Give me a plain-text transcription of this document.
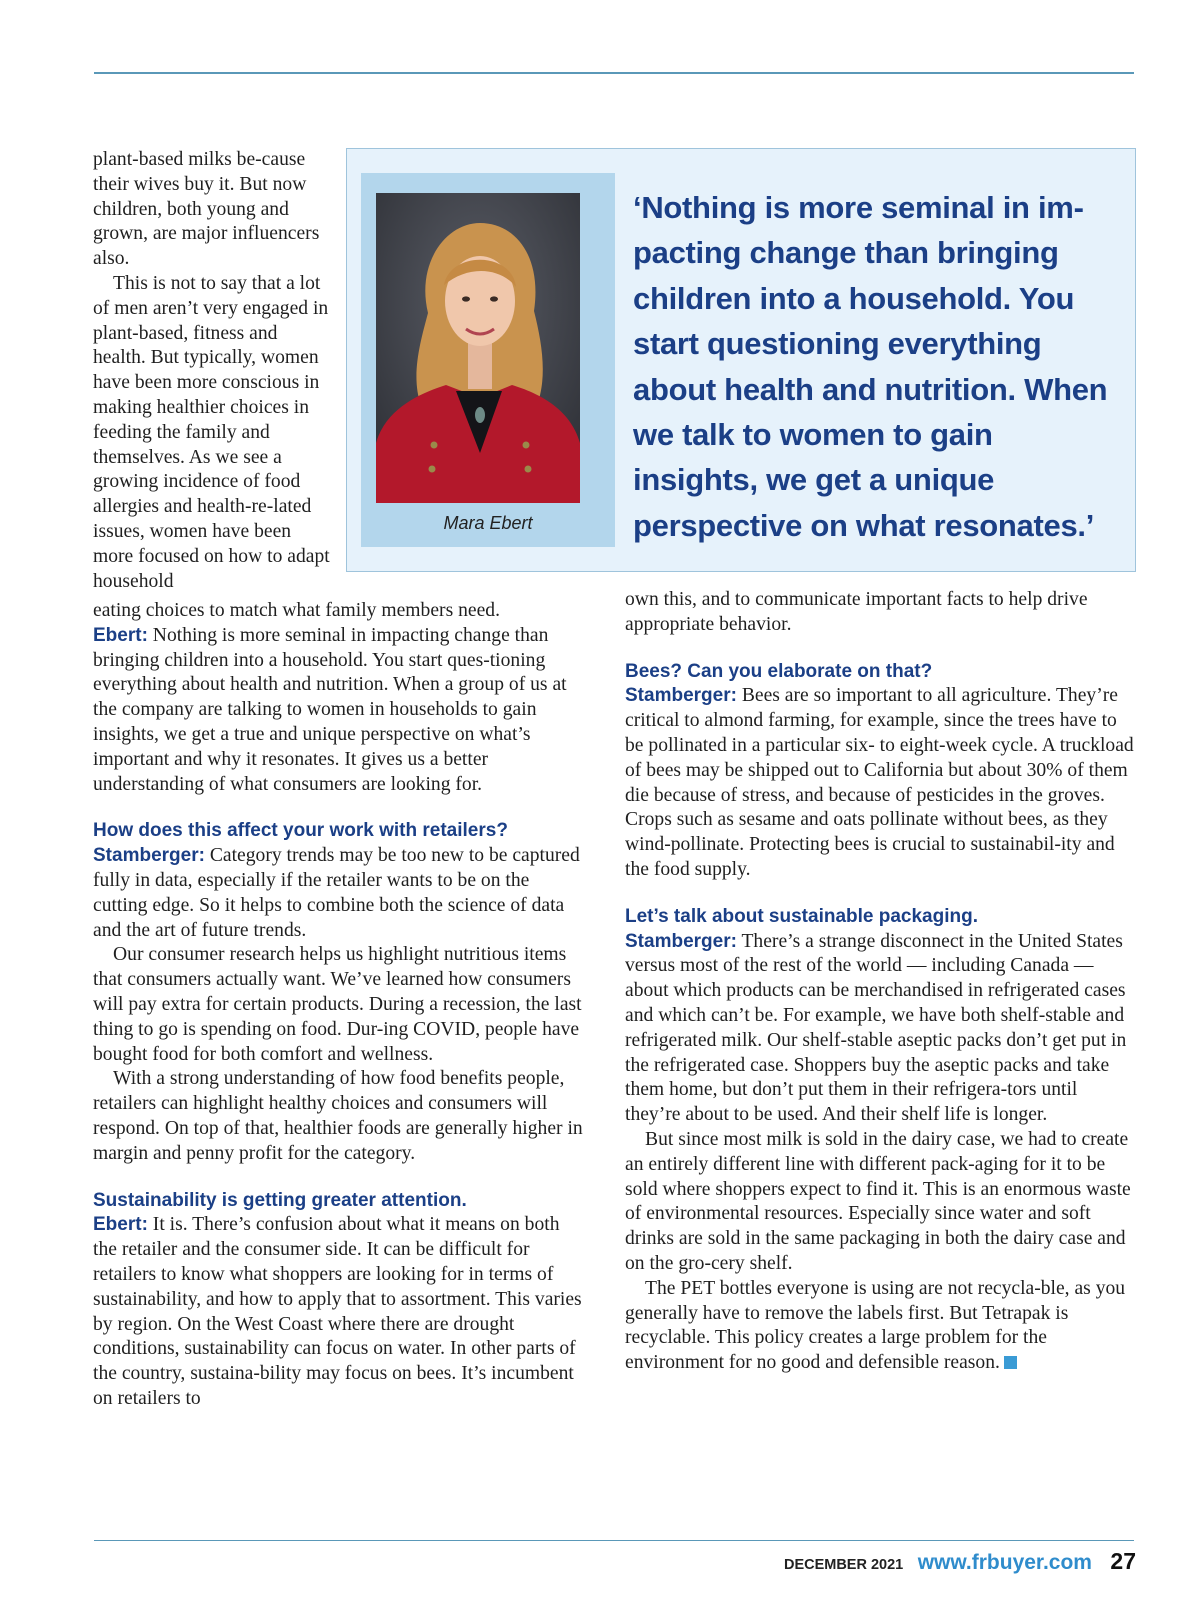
plant-based milks be-cause their wives buy it. But now children, both young and grown, are major influencers also.

This is not to say that a lot of men aren’t very engaged in plant-based, fitness and health. But typically, women have been more conscious in making healthier choices in feeding the family and themselves. As we see a growing incidence of food allergies and health-re-lated issues, women have been more focused on how to adapt household

Mara Ebert

‘Nothing is more seminal in im-pacting change than bringing children into a household. You start questioning everything about health and nutrition. When we talk to women to gain insights, we get a unique perspective on what resonates.’

eating choices to match what family members need.

Ebert: Nothing is more seminal in impacting change than bringing children into a household. You start ques-tioning everything about health and nutrition. When a group of us at the company are talking to women in households to gain insights, we get a true and unique perspective on what’s important and why it resonates. It gives us a better understanding of what consumers are looking for.

How does this affect your work with retailers?

Stamberger: Category trends may be too new to be captured fully in data, especially if the retailer wants to be on the cutting edge. So it helps to combine both the science of data and the art of future trends.

Our consumer research helps us highlight nutritious items that consumers actually want. We’ve learned how consumers will pay extra for certain products. During a recession, the last thing to go is spending on food. Dur-ing COVID, people have bought food for both comfort and wellness.

With a strong understanding of how food benefits people, retailers can highlight healthy choices and consumers will respond. On top of that, healthier foods are generally higher in margin and penny profit for the category.

Sustainability is getting greater attention.

Ebert: It is. There’s confusion about what it means on both the retailer and the consumer side. It can be difficult for retailers to know what shoppers are looking for in terms of sustainability, and how to apply that to assortment. This varies by region. On the West Coast where there are drought conditions, sustainability can focus on water. In other parts of the country, sustaina-bility may focus on bees. It’s incumbent on retailers to

own this, and to communicate important facts to help drive appropriate behavior.

Bees? Can you elaborate on that?

Stamberger: Bees are so important to all agriculture. They’re critical to almond farming, for example, since the trees have to be pollinated in a particular six- to eight-week cycle. A truckload of bees may be shipped out to California but about 30% of them die because of stress, and because of pesticides in the groves. Crops such as sesame and oats pollinate without bees, as they wind-pollinate. Protecting bees is crucial to sustainabil-ity and the food supply.

Let’s talk about sustainable packaging.

Stamberger: There’s a strange disconnect in the United States versus most of the rest of the world — including Canada — about which products can be merchandised in refrigerated cases and which can’t be. For example, we have both shelf-stable and refrigerated milk. Our shelf-stable aseptic packs don’t get put in the refrigerated case. Shoppers buy the aseptic packs and take them home, but don’t put them in their refrigera-tors until they’re about to be used. And their shelf life is longer.

But since most milk is sold in the dairy case, we had to create an entirely different line with different pack-aging for it to be sold where shoppers expect to find it. This is an enormous waste of environmental resources. Especially since water and soft drinks are sold in the same packaging in both the dairy case and on the gro-cery shelf.

The PET bottles everyone is using are not recycla-ble, as you generally have to remove the labels first. But Tetrapak is recyclable. This policy creates a large problem for the environment for no good and defensible reason.

DECEMBER 2021 www.frbuyer.com 27
